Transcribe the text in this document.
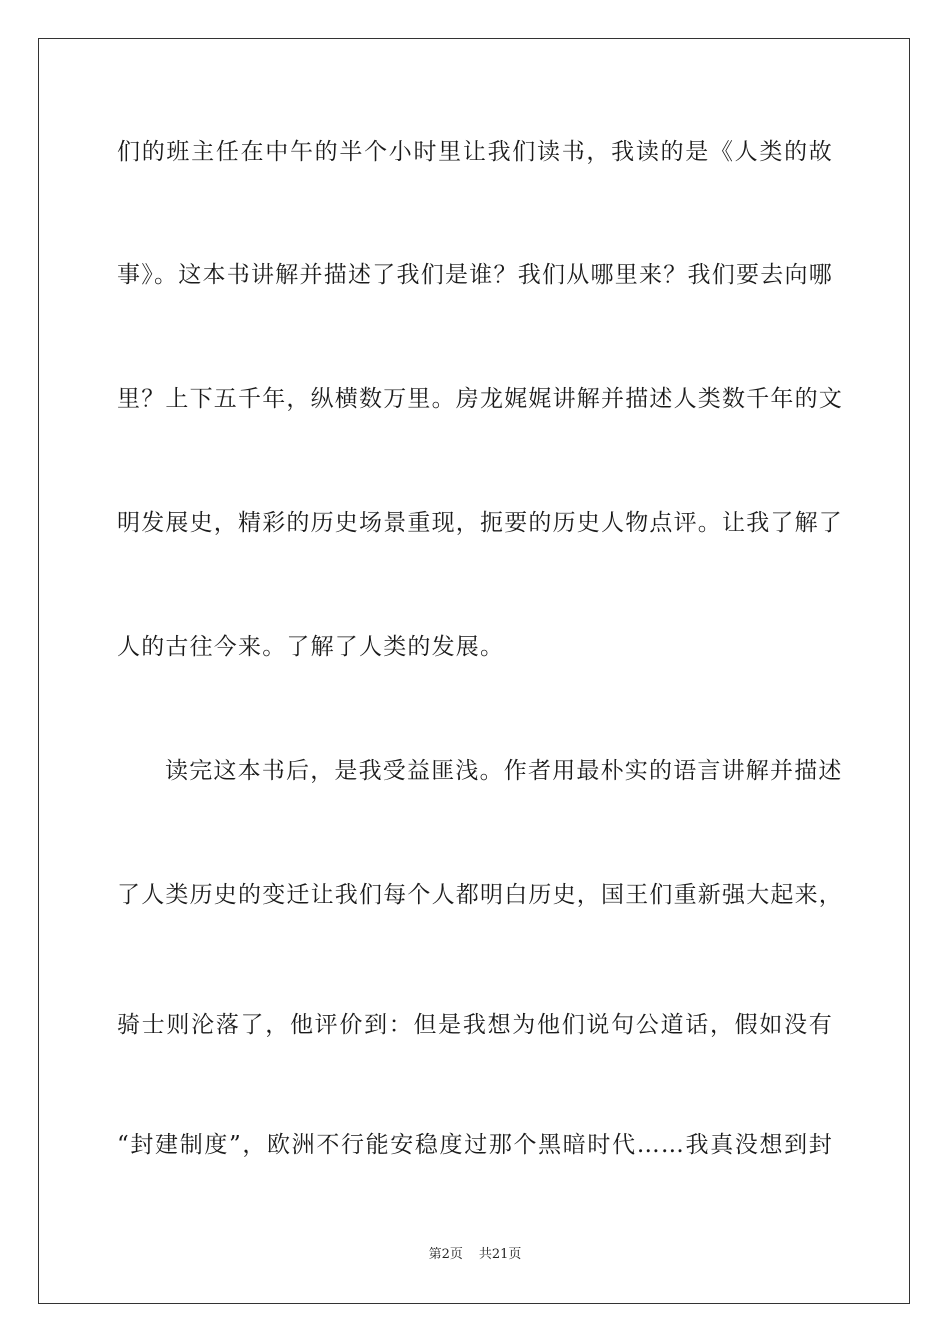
们的班主任在中午的半个小时里让我们读书，我读的是《人类的故
事》。这本书讲解并描述了我们是谁？我们从哪里来？我们要去向哪
里？上下五千年，纵横数万里。房龙娓娓讲解并描述人类数千年的文
明发展史，精彩的历史场景重现，扼要的历史人物点评。让我了解了
人的古往今来。了解了人类的发展。
读完这本书后，是我受益匪浅。作者用最朴实的语言讲解并描述
了人类历史的变迁让我们每个人都明白历史，国王们重新强大起来，
骑士则沦落了，他评价到：但是我想为他们说句公道话，假如没有
“封建制度”，欧洲不行能安稳度过那个黑暗时代……我真没想到封
第2页 共21页
